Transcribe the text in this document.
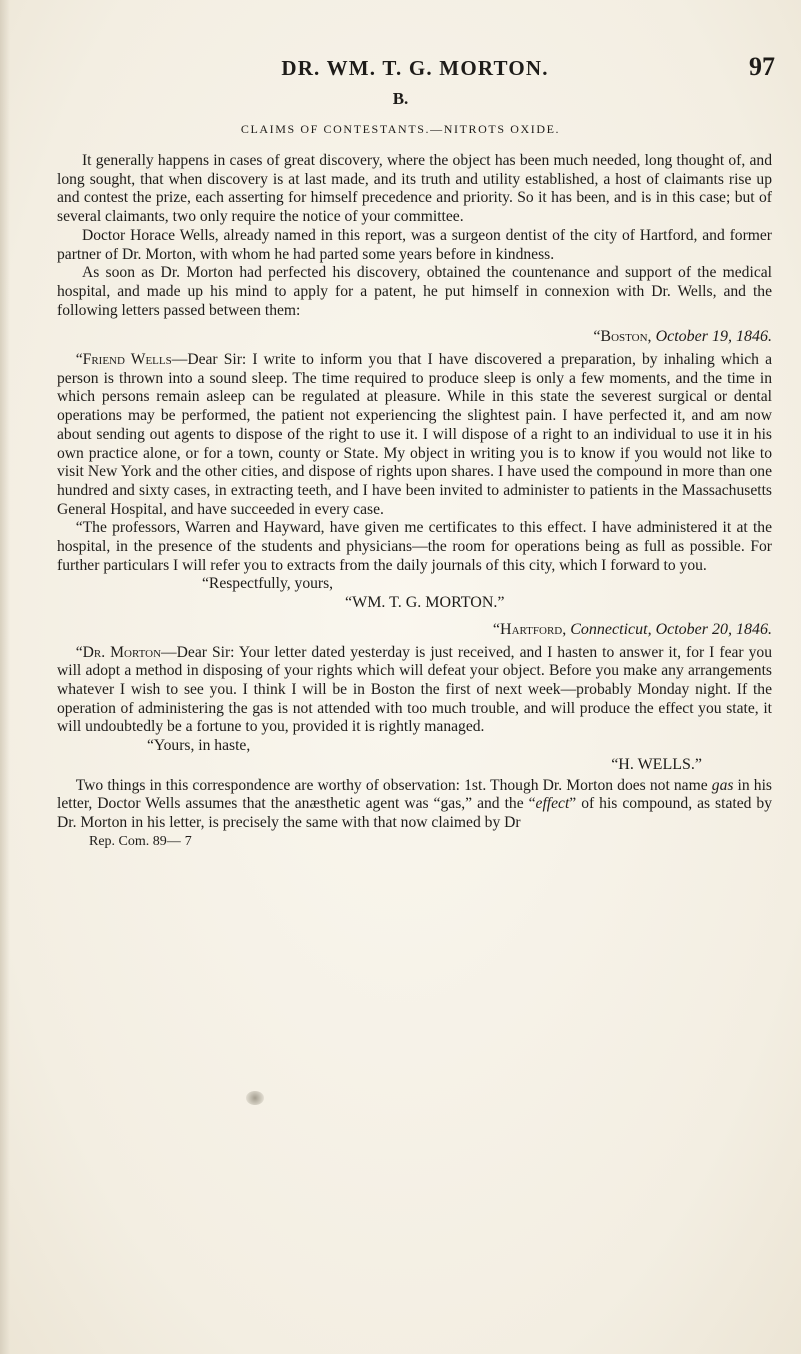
DR. WM. T. G. MORTON.	97
B.
CLAIMS OF CONTESTANTS.—NITROTS OXIDE.

It generally happens in cases of great discovery, where the object has been much needed, long thought of, and long sought, that when discovery is at last made, and its truth and utility established, a host of claimants rise up and contest the prize, each asserting for himself precedence and priority. So it has been, and is in this case; but of several claimants, two only require the notice of your committee.

Doctor Horace Wells, already named in this report, was a surgeon dentist of the city of Hartford, and former partner of Dr. Morton, with whom he had parted some years before in kindness.

As soon as Dr. Morton had perfected his discovery, obtained the countenance and support of the medical hospital, and made up his mind to apply for a patent, he put himself in connexion with Dr. Wells, and the following letters passed between them:

“Boston, October 19, 1846.

“Friend Wells—Dear Sir: I write to inform you that I have discovered a preparation, by inhaling which a person is thrown into a sound sleep. The time required to produce sleep is only a few moments, and the time in which persons remain asleep can be regulated at pleasure. While in this state the severest surgical or dental operations may be performed, the patient not experiencing the slightest pain. I have perfected it, and am now about sending out agents to dispose of the right to use it. I will dispose of a right to an individual to use it in his own practice alone, or for a town, county or State. My object in writing you is to know if you would not like to visit New York and the other cities, and dispose of rights upon shares. I have used the compound in more than one hundred and sixty cases, in extracting teeth, and I have been invited to administer to patients in the Massachusetts General Hospital, and have succeeded in every case.

“The professors, Warren and Hayward, have given me certificates to this effect. I have administered it at the hospital, in the presence of the students and physicians—the room for operations being as full as possible. For further particulars I will refer you to extracts from the daily journals of this city, which I forward to you.

“Respectfully, yours,
“WM. T. G. MORTON.”
“Hartford, Connecticut, October 20, 1846.

“Dr. Morton—Dear Sir: Your letter dated yesterday is just received, and I hasten to answer it, for I fear you will adopt a method in disposing of your rights which will defeat your object. Before you make any arrangements whatever I wish to see you. I think I will be in Boston the first of next week—probably Monday night. If the operation of administering the gas is not attended with too much trouble, and will produce the effect you state, it will undoubtedly be a fortune to you, provided it is rightly managed.

“Yours, in haste,
“H. WELLS.”

Two things in this correspondence are worthy of observation: 1st. Though Dr. Morton does not name gas in his letter, Doctor Wells assumes that the anæsthetic agent was “gas,” and the “effect” of his compound, as stated by Dr. Morton in his letter, is precisely the same with that now claimed by Dr

Rep. Com. 89— 7
